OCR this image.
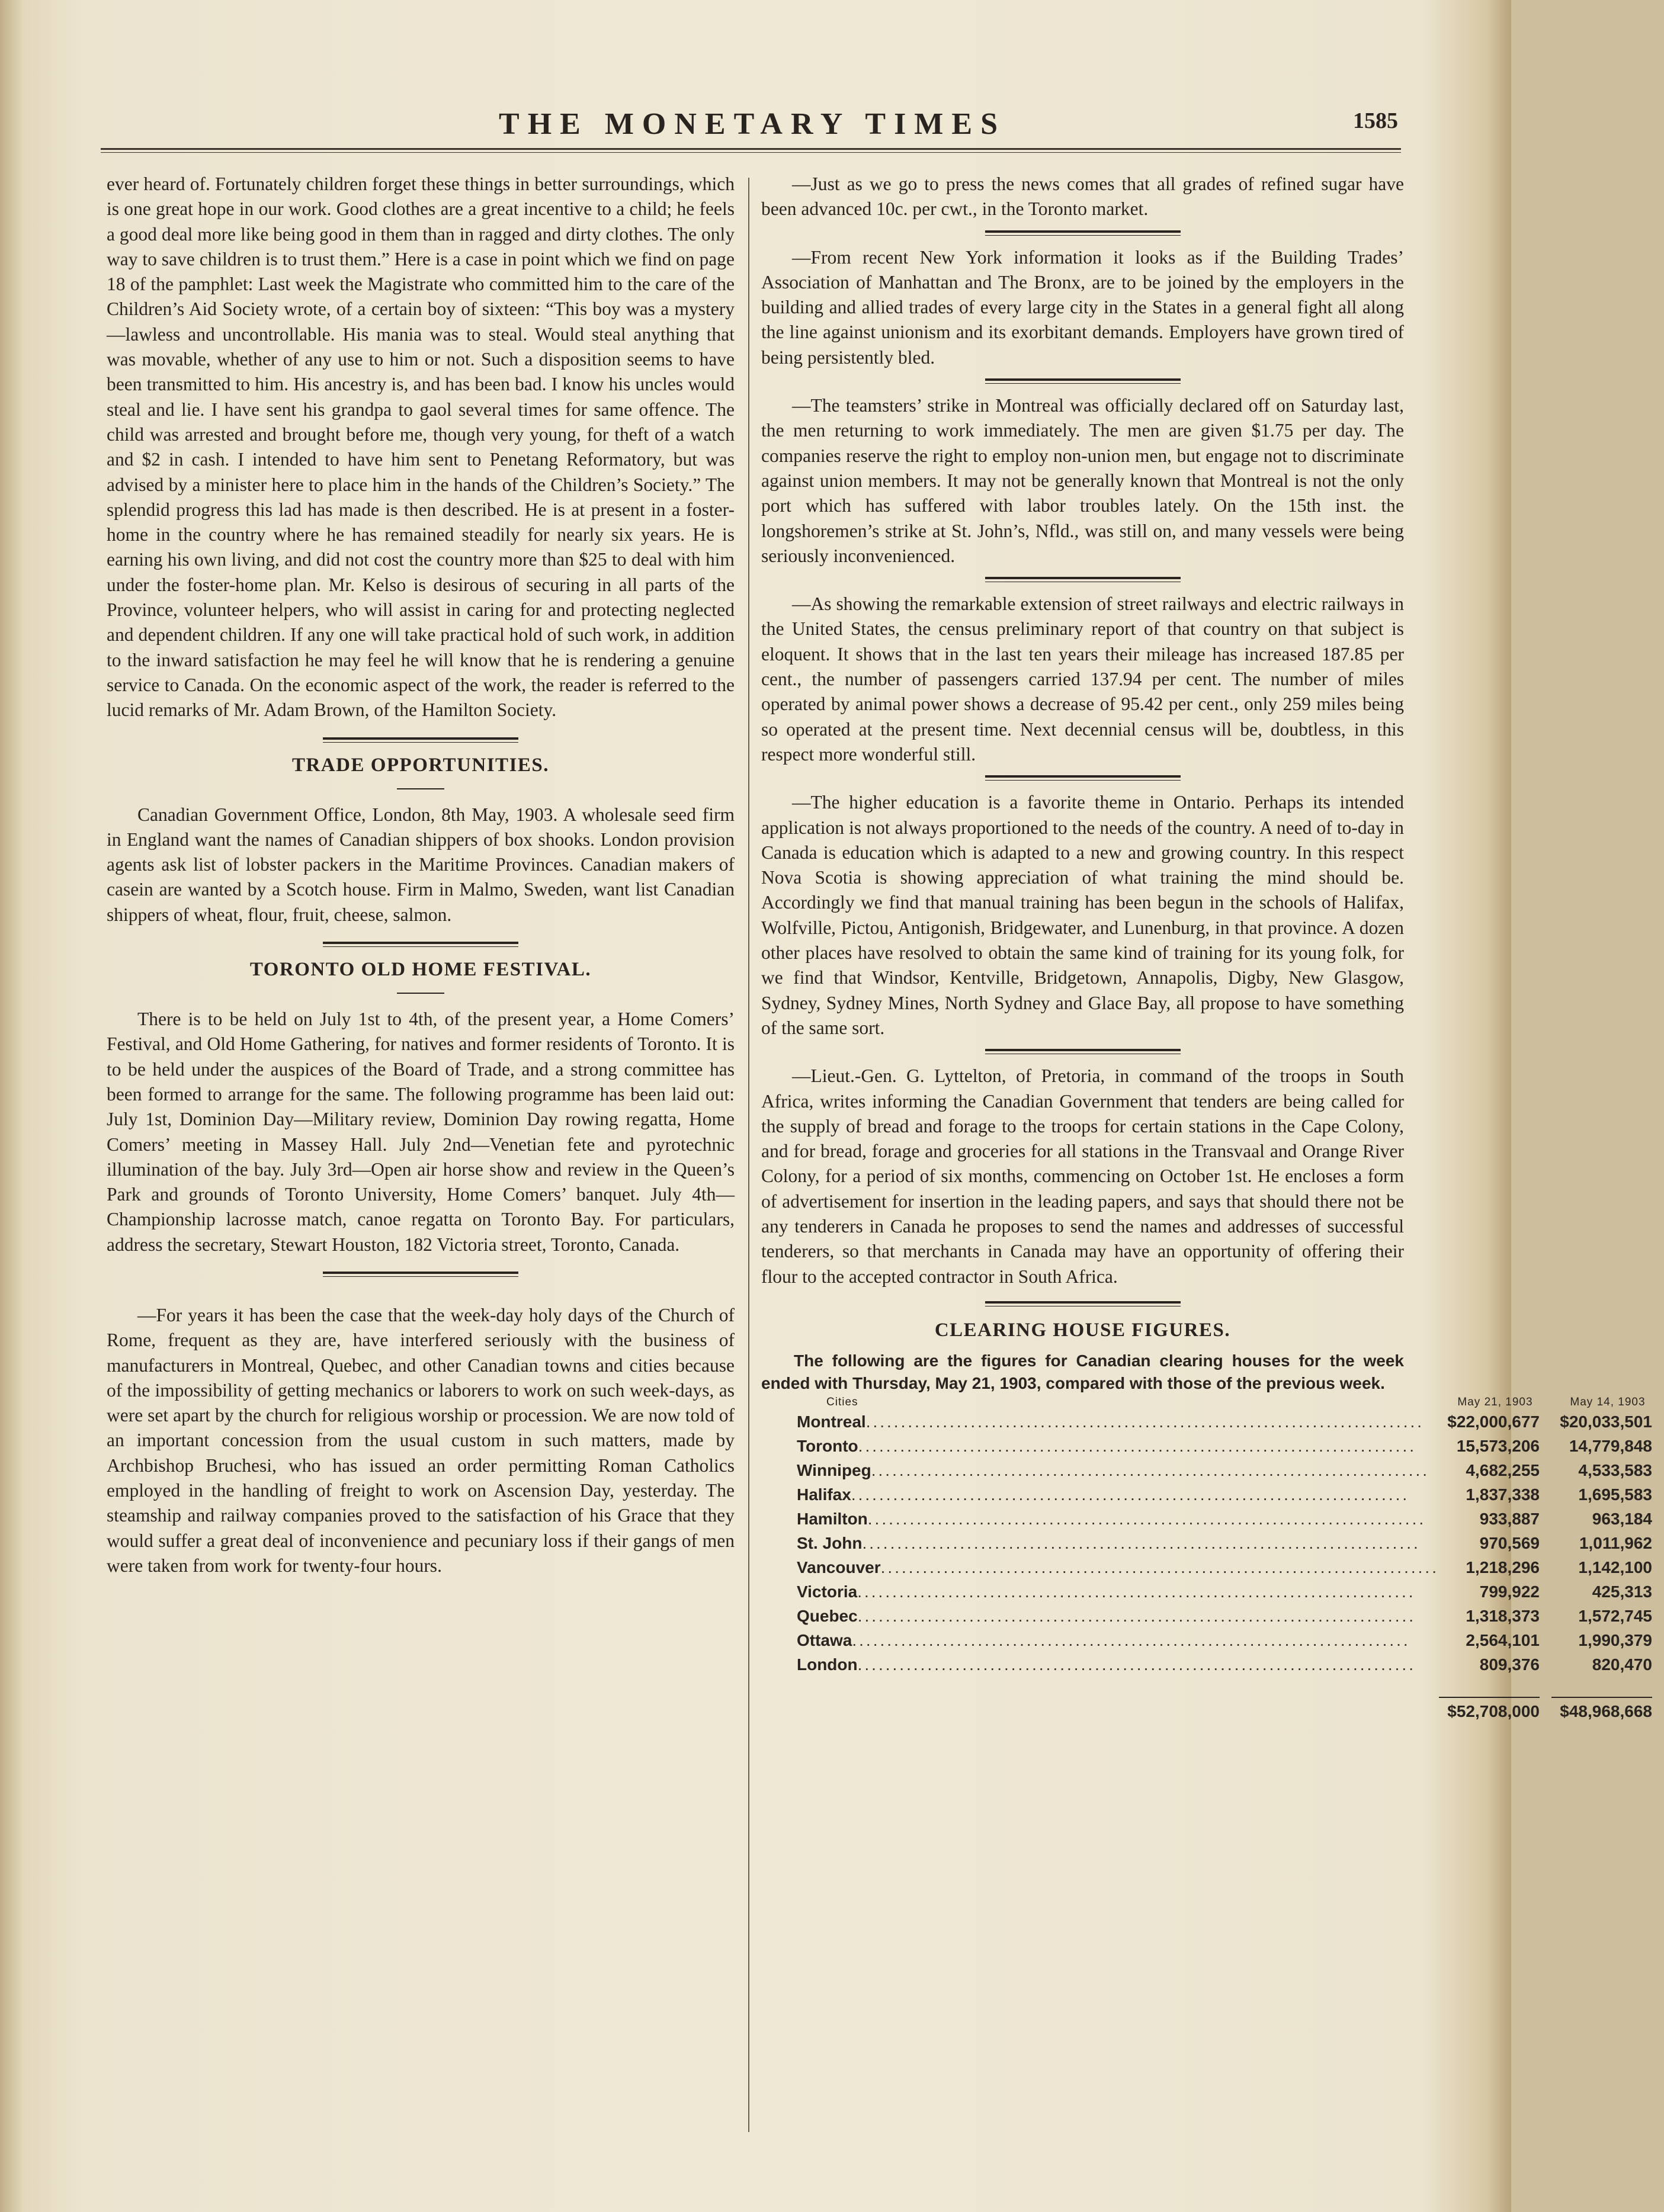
THE MONETARY TIMES	1585

ever heard of. Fortunately children forget these things in better surroundings, which is one great hope in our work. Good clothes are a great incentive to a child; he feels a good deal more like being good in them than in ragged and dirty clothes. The only way to save children is to trust them.” Here is a case in point which we find on page 18 of the pamphlet: Last week the Magistrate who committed him to the care of the Children’s Aid Society wrote, of a certain boy of sixteen: “This boy was a mystery—lawless and uncontrollable. His mania was to steal. Would steal anything that was movable, whether of any use to him or not. Such a disposition seems to have been transmitted to him. His ancestry is, and has been bad. I know his uncles would steal and lie. I have sent his grandpa to gaol several times for same offence. The child was arrested and brought before me, though very young, for theft of a watch and $2 in cash. I intended to have him sent to Penetang Reformatory, but was advised by a minister here to place him in the hands of the Children’s Society.” The splendid progress this lad has made is then described. He is at present in a foster-home in the country where he has remained steadily for nearly six years. He is earning his own living, and did not cost the country more than $25 to deal with him under the foster-home plan. Mr. Kelso is desirous of securing in all parts of the Province, volunteer helpers, who will assist in caring for and protecting neglected and dependent children. If any one will take practical hold of such work, in addition to the inward satisfaction he may feel he will know that he is rendering a genuine service to Canada. On the economic aspect of the work, the reader is referred to the lucid remarks of Mr. Adam Brown, of the Hamilton Society.

TRADE OPPORTUNITIES.

Canadian Government Office, London, 8th May, 1903. A wholesale seed firm in England want the names of Canadian shippers of box shooks. London provision agents ask list of lobster packers in the Maritime Provinces. Canadian makers of casein are wanted by a Scotch house. Firm in Malmo, Sweden, want list Canadian shippers of wheat, flour, fruit, cheese, salmon.

TORONTO OLD HOME FESTIVAL.

There is to be held on July 1st to 4th, of the present year, a Home Comers’ Festival, and Old Home Gathering, for natives and former residents of Toronto. It is to be held under the auspices of the Board of Trade, and a strong committee has been formed to arrange for the same. The following programme has been laid out: July 1st, Dominion Day—Military review, Dominion Day rowing regatta, Home Comers’ meeting in Massey Hall. July 2nd—Venetian fete and pyrotechnic illumination of the bay. July 3rd—Open air horse show and review in the Queen’s Park and grounds of Toronto University, Home Comers’ banquet. July 4th—Championship lacrosse match, canoe regatta on Toronto Bay. For particulars, address the secretary, Stewart Houston, 182 Victoria street, Toronto, Canada.

—For years it has been the case that the week-day holy days of the Church of Rome, frequent as they are, have interfered seriously with the business of manufacturers in Montreal, Quebec, and other Canadian towns and cities because of the impossibility of getting mechanics or laborers to work on such week-days, as were set apart by the church for religious worship or procession. We are now told of an important concession from the usual custom in such matters, made by Archbishop Bruchesi, who has issued an order permitting Roman Catholics employed in the handling of freight to work on Ascension Day, yesterday. The steamship and railway companies proved to the satisfaction of his Grace that they would suffer a great deal of inconvenience and pecuniary loss if their gangs of men were taken from work for twenty-four hours.

—Just as we go to press the news comes that all grades of refined sugar have been advanced 10c. per cwt., in the Toronto market.

—From recent New York information it looks as if the Building Trades’ Association of Manhattan and The Bronx, are to be joined by the employers in the building and allied trades of every large city in the States in a general fight all along the line against unionism and its exorbitant demands. Employers have grown tired of being persistently bled.

—The teamsters’ strike in Montreal was officially declared off on Saturday last, the men returning to work immediately. The men are given $1.75 per day. The companies reserve the right to employ non-union men, but engage not to discriminate against union members. It may not be generally known that Montreal is not the only port which has suffered with labor troubles lately. On the 15th inst. the longshoremen’s strike at St. John’s, Nfld., was still on, and many vessels were being seriously inconvenienced.

—As showing the remarkable extension of street railways and electric railways in the United States, the census preliminary report of that country on that subject is eloquent. It shows that in the last ten years their mileage has increased 187.85 per cent., the number of passengers carried 137.94 per cent. The number of miles operated by animal power shows a decrease of 95.42 per cent., only 259 miles being so operated at the present time. Next decennial census will be, doubtless, in this respect more wonderful still.

—The higher education is a favorite theme in Ontario. Perhaps its intended application is not always proportioned to the needs of the country. A need of to-day in Canada is education which is adapted to a new and growing country. In this respect Nova Scotia is showing appreciation of what training the mind should be. Accordingly we find that manual training has been begun in the schools of Halifax, Wolfville, Pictou, Antigonish, Bridgewater, and Lunenburg, in that province. A dozen other places have resolved to obtain the same kind of training for its young folk, for we find that Windsor, Kentville, Bridgetown, Annapolis, Digby, New Glasgow, Sydney, Sydney Mines, North Sydney and Glace Bay, all propose to have something of the same sort.

—Lieut.-Gen. G. Lyttelton, of Pretoria, in command of the troops in South Africa, writes informing the Canadian Government that tenders are being called for the supply of bread and forage to the troops for certain stations in the Cape Colony, and for bread, forage and groceries for all stations in the Transvaal and Orange River Colony, for a period of six months, commencing on October 1st. He encloses a form of advertisement for insertion in the leading papers, and says that should there not be any tenderers in Canada he proposes to send the names and addresses of successful tenderers, so that merchants in Canada may have an opportunity of offering their flour to the accepted contractor in South Africa.

CLEARING HOUSE FIGURES.

The following are the figures for Canadian clearing houses for the week ended with Thursday, May 21, 1903, compared with those of the previous week.

Cities	May 21, 1903	May 14, 1903

Montreal ................................................................................	$22,000,677	$20,033,501

Toronto ................................................................................	15,573,206	14,779,848

Winnipeg ................................................................................	4,682,255	4,533,583

Halifax ................................................................................	1,837,338	1,695,583

Hamilton ................................................................................	933,887	963,184

St. John ................................................................................	970,569	1,011,962

Vancouver ................................................................................	1,218,296	1,142,100

Victoria ................................................................................	799,922	425,313

Quebec ................................................................................	1,318,373	1,572,745

Ottawa ................................................................................	2,564,101	1,990,379

London ................................................................................	809,376	820,470

$52,708,000	$48,968,668
